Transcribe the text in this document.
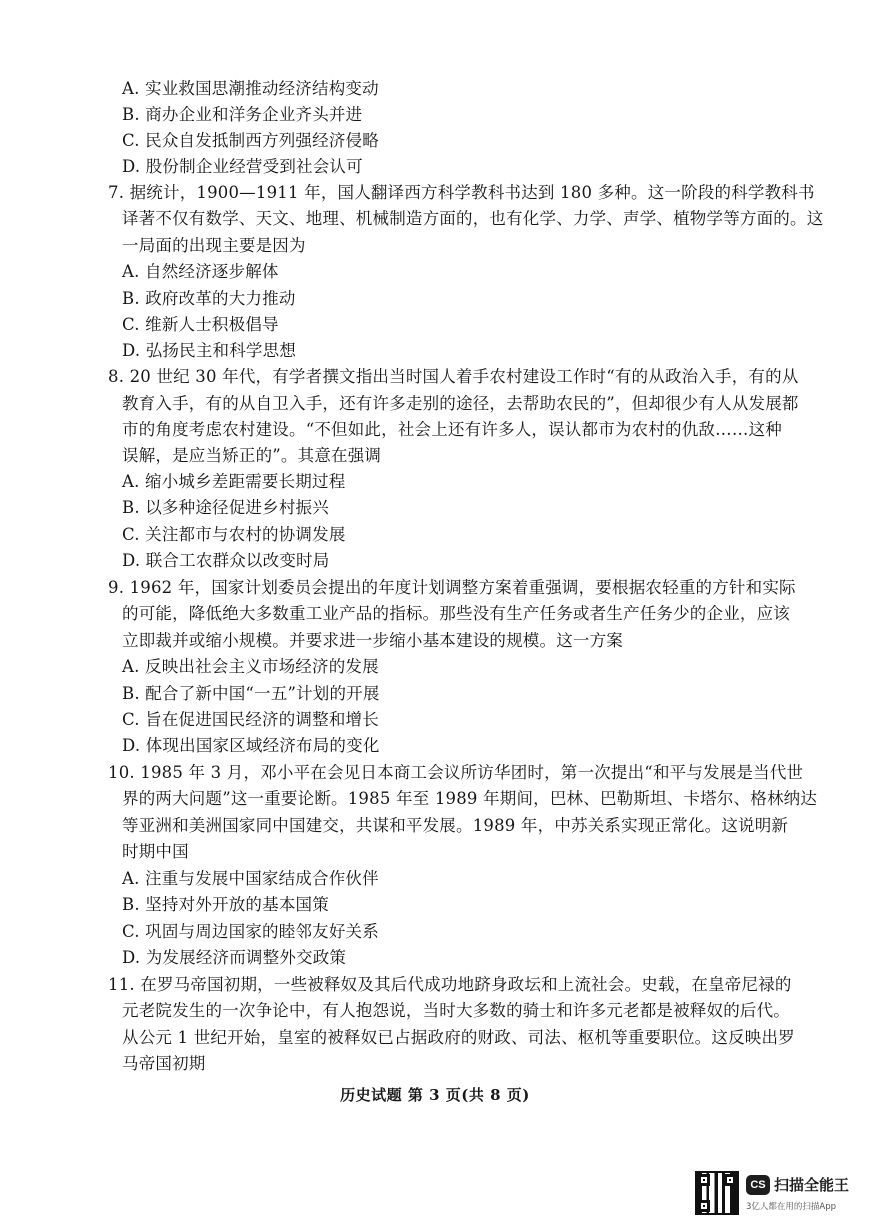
A. 实业救国思潮推动经济结构变动
B. 商办企业和洋务企业齐头并进
C. 民众自发抵制西方列强经济侵略
D. 股份制企业经营受到社会认可
7. 据统计，1900—1911 年，国人翻译西方科学教科书达到 180 多种。这一阶段的科学教科书
译著不仅有数学、天文、地理、机械制造方面的，也有化学、力学、声学、植物学等方面的。这
一局面的出现主要是因为
A. 自然经济逐步解体
B. 政府改革的大力推动
C. 维新人士积极倡导
D. 弘扬民主和科学思想
8. 20 世纪 30 年代，有学者撰文指出当时国人着手农村建设工作时“有的从政治入手，有的从
教育入手，有的从自卫入手，还有许多走别的途径，去帮助农民的”，但却很少有人从发展都
市的角度考虑农村建设。“不但如此，社会上还有许多人，误认都市为农村的仇敌……这种
误解，是应当矫正的”。其意在强调
A. 缩小城乡差距需要长期过程
B. 以多种途径促进乡村振兴
C. 关注都市与农村的协调发展
D. 联合工农群众以改变时局
9. 1962 年，国家计划委员会提出的年度计划调整方案着重强调，要根据农轻重的方针和实际
的可能，降低绝大多数重工业产品的指标。那些没有生产任务或者生产任务少的企业，应该
立即裁并或缩小规模。并要求进一步缩小基本建设的规模。这一方案
A. 反映出社会主义市场经济的发展
B. 配合了新中国“一五”计划的开展
C. 旨在促进国民经济的调整和增长
D. 体现出国家区域经济布局的变化
10. 1985 年 3 月，邓小平在会见日本商工会议所访华团时，第一次提出“和平与发展是当代世
界的两大问题”这一重要论断。1985 年至 1989 年期间，巴林、巴勒斯坦、卡塔尔、格林纳达
等亚洲和美洲国家同中国建交，共谋和平发展。1989 年，中苏关系实现正常化。这说明新
时期中国
A. 注重与发展中国家结成合作伙伴
B. 坚持对外开放的基本国策
C. 巩固与周边国家的睦邻友好关系
D. 为发展经济而调整外交政策
11. 在罗马帝国初期，一些被释奴及其后代成功地跻身政坛和上流社会。史载，在皇帝尼禄的
元老院发生的一次争论中，有人抱怨说，当时大多数的骑士和许多元老都是被释奴的后代。
从公元 1 世纪开始，皇室的被释奴已占据政府的财政、司法、枢机等重要职位。这反映出罗
马帝国初期
历史试题 第 3 页(共 8 页)
CS 扫描全能王
3亿人都在用的扫描App
